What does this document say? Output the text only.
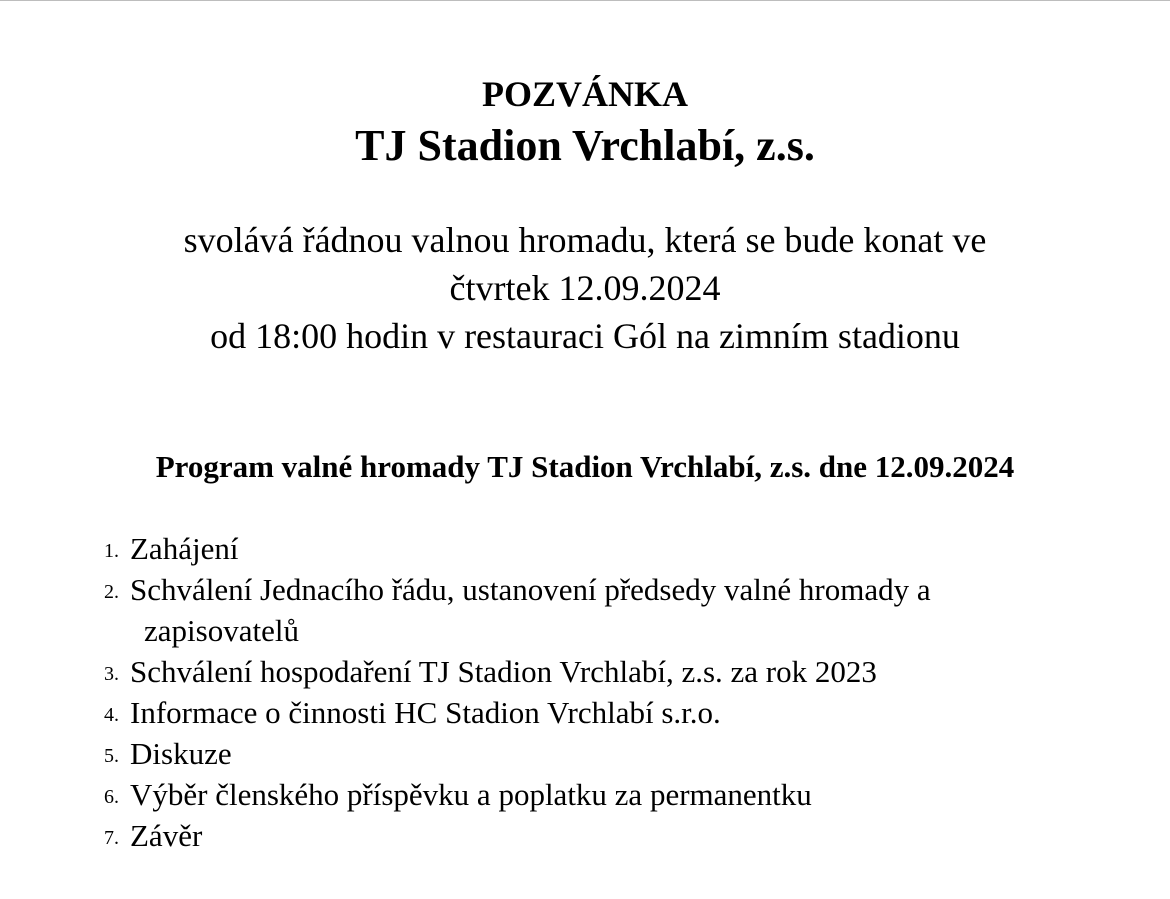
POZVÁNKA
TJ Stadion Vrchlabí, z.s.
svolává řádnou valnou hromadu, která se bude konat ve
čtvrtek 12.09.2024
od 18:00 hodin v restauraci Gól na zimním stadionu
Program valné hromady TJ Stadion Vrchlabí, z.s. dne 12.09.2024
1. Zahájení
2. Schválení Jednacího řádu, ustanovení předsedy valné hromady a zapisovatelů
3. Schválení hospodaření TJ Stadion Vrchlabí, z.s. za rok 2023
4. Informace o činnosti HC Stadion Vrchlabí s.r.o.
5. Diskuze
6. Výběr členského příspěvku a poplatku za permanentku
7. Závěr
